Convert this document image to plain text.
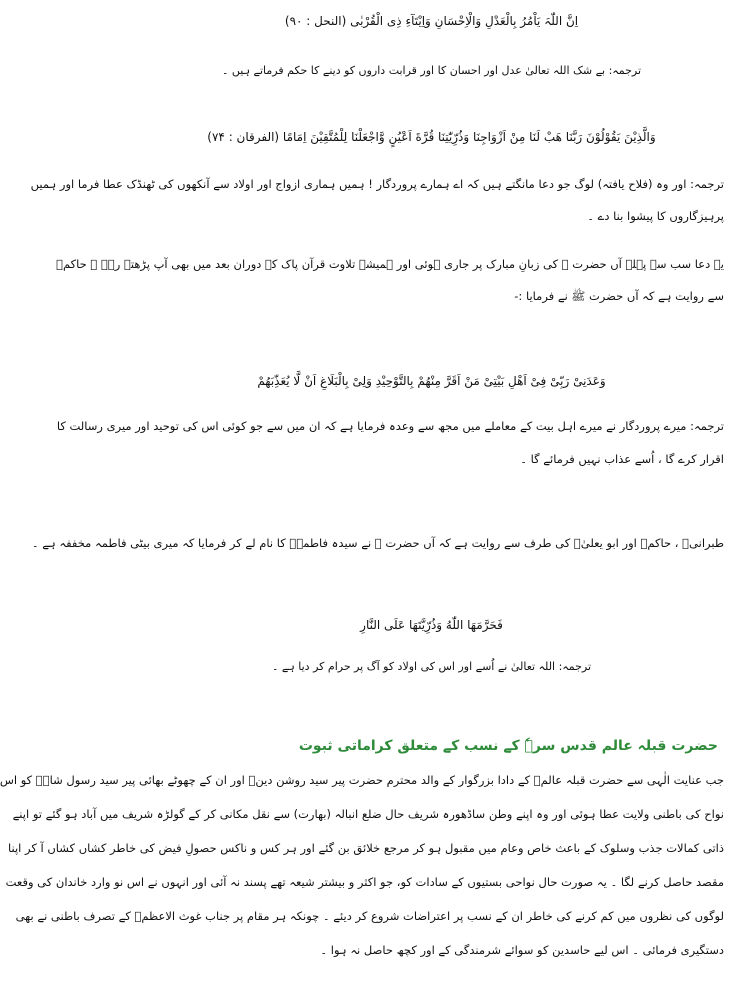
اِنَّ اللّٰہَ یَاْمُرُ بِالْعَدْلِ وَالْاِحْسَانِ وَاِیْتَآءِ ذِی الْقُرْبٰی (النحل : ۹۰)
ترجمہ: بے شک اللہ تعالیٰ عدل اور احسان کا اور قرابت داروں کو دینے کا حکم فرماتے ہیں ۔
وَالَّذِیْنَ یَقُوْلُوْنَ رَبَّنَا هَبْ لَنَا مِنْ اَزْوَاجِنَا وَذُرِّیّٰتِنَا قُرَّةَ اَعْیُنٍ وَّاجْعَلْنَا لِلْمُتَّقِیْنَ اِمَامًا (الفرقان : ۷۴)
ترجمہ: اور وہ (فلاح یافتہ) لوگ جو دعا مانگتے ہیں کہ اے ہمارے پروردگار ! ہمیں ہماری ازواج اور اولاد سے آنکھوں کی ٹھنڈک عطا فرما اور ہمیں
پرہیزگاروں کا پیشوا بنا دے ۔
یہ دعا سب سے پہلے آں حضرت ﷺ کی زبانِ مبارک پر جاری ہوئی اور ہمیشہ تلاوت قرآن پاک کے دوران بعد میں بھی آپ پڑھتے رہے ۔ حاکمؒ
سے روایت ہے کہ آں حضرت ﷺ نے فرمایا :-
وَعَدَنِیْ رَبِّیْ فِیْ اَهْلِ بَیْتِیْ مَنْ اَقَرَّ مِنْهُمْ بِالتَّوْحِیْدِ وَلِیْ بِالْبَلَاغِ اَنْ لَّا یُعَذِّبَهُمْ
ترجمہ: میرے پروردگار نے میرے اہل بیت کے معاملے میں مجھ سے وعدہ فرمایا ہے کہ ان میں سے جو کوئی اس کی توحید اور میری رسالت کا
اقرار کرے گا ، اُسے عذاب نہیں فرمائے گا ۔
طبرانیؒ ، حاکمؒ اور ابو یعلیٰؒ کی طرف سے روایت ہے کہ آں حضرت ﷺ نے سیدہ فاطمہؓ کا نام لے کر فرمایا کہ میری بیٹی فاطمہ مخففہ ہے ۔
فَحَرَّمَهَا اللّٰهُ وَذُرِّیَّتَهَا عَلَى النَّارِ
ترجمہ: اللہ تعالیٰ نے اُسے اور اس کی اولاد کو آگ پر حرام کر دیا ہے ۔
حضرت قبلہ عالم قدس سرہٗ کے نسب کے متعلق کراماتی ثبوت
جب عنایت الٰہی سے حضرت قبلہ عالمؒ کے دادا بزرگوار کے والد محترم حضرت پیر سید روشن دینؒ اور ان کے چھوٹے بھائی پیر سید رسول شاہؒ کو اس
نواح کی باطنی ولایت عطا ہوئی اور وہ اپنے وطن ساڈھورہ شریف حال ضلع انبالہ (بھارت) سے نقل مکانی کر کے گولڑہ شریف میں آباد ہو گئے تو اپنے
ذاتی کمالات جذب وسلوک کے باعث خاص وعام میں مقبول ہو کر مرجع خلائق بن گئے اور ہر کس و ناکس حصولِ فیض کی خاطر کشاں کشاں آ کر اپنا
مقصد حاصل کرنے لگا ۔ یہ صورت حال نواحی بستیوں کے سادات کو، جو اکثر و بیشتر شیعہ تھے پسند نہ آئی اور انہوں نے اس نو وارد خاندان کی وقعت
لوگوں کی نظروں میں کم کرنے کی خاطر ان کے نسب پر اعتراضات شروع کر دیئے ۔ چونکہ ہر مقام پر جناب غوث الاعظمؓ کے تصرف باطنی نے بھی
دستگیری فرمائی ۔ اس لیے حاسدین کو سوائے شرمندگی کے اور کچھ حاصل نہ ہوا ۔
